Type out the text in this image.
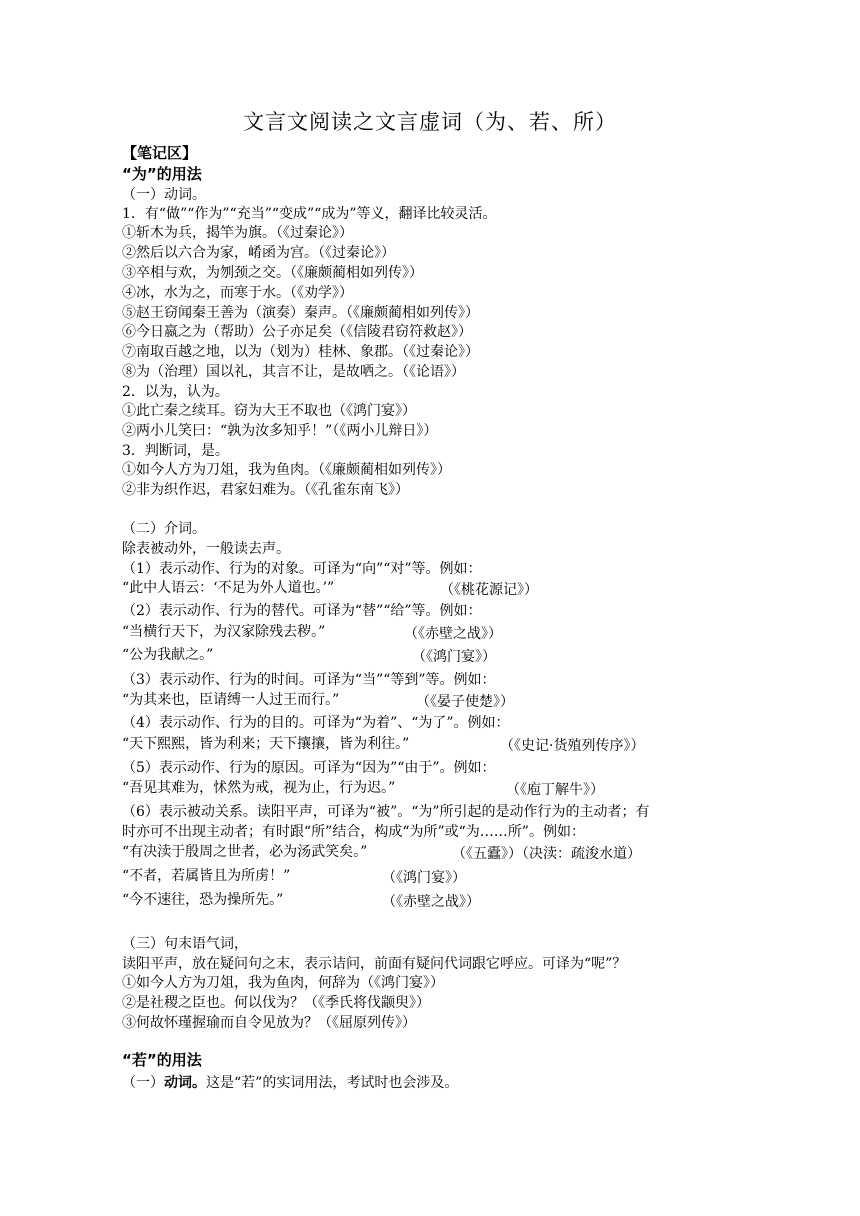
文言文阅读之文言虚词（为、若、所）
【笔记区】
“为”的用法
（一）动词。
1．有“做”“作为”“充当”“变成”“成为”等义，翻译比较灵活。
①斩木为兵，揭竿为旗。（《过秦论》）
②然后以六合为家，崤函为宫。（《过秦论》）
③卒相与欢，为刎颈之交。（《廉颇蔺相如列传》）
④冰，水为之，而寒于水。（《劝学》）
⑤赵王窃闻秦王善为（演奏）秦声。（《廉颇蔺相如列传》）
⑥今日嬴之为（帮助）公子亦足矣（《信陵君窃符救赵》）
⑦南取百越之地，以为（划为）桂林、象郡。（《过秦论》）
⑧为（治理）国以礼，其言不让，是故哂之。（《论语》）
2．以为，认为。
①此亡秦之续耳。窃为大王不取也（《鸿门宴》）
②两小儿笑曰：“孰为汝多知乎！”（《两小儿辩日》）
3．判断词，是。
①如今人方为刀俎，我为鱼肉。（《廉颇蔺相如列传》）
②非为织作迟，君家妇难为。（《孔雀东南飞》）
（二）介词。
除表被动外，一般读去声。
（1）表示动作、行为的对象。可译为“向”“对”等。例如：
“此中人语云：‘不足为外人道也。’”	（《桃花源记》）
（2）表示动作、行为的替代。可译为“替”“给”等。例如：
“当横行天下，为汉家除残去秽。”	（《赤壁之战》）
“公为我献之。”	（《鸿门宴》）
（3）表示动作、行为的时间。可译为“当”“等到”等。例如：
“为其来也，臣请缚一人过王而行。”	（《晏子使楚》）
（4）表示动作、行为的目的。可译为“为着”、“为了”。例如：
“天下熙熙，皆为利来；天下攘攘，皆为利往。”	（《史记·货殖列传序》）
（5）表示动作、行为的原因。可译为“因为”“由于”。例如：
“吾见其难为，怵然为戒，视为止，行为迟。”	（《庖丁解牛》）
（6）表示被动关系。读阳平声，可译为“被”。“为”所引起的是动作行为的主动者；有
时亦可不出现主动者；有时跟“所”结合，构成“为所”或“为……所”。例如：
“有决渎于殷周之世者，必为汤武笑矣。”	（《五蠹》）（决渎：疏浚水道）
“不者，若属皆且为所虏！”	（《鸿门宴》）
“今不速往，恐为操所先。”	（《赤壁之战》）
（三）句末语气词，
读阳平声，放在疑问句之末，表示诘问，前面有疑问代词跟它呼应。可译为“呢”？
①如今人方为刀俎，我为鱼肉，何辞为（《鸿门宴》）
②是社稷之臣也。何以伐为？（《季氏将伐颛臾》）
③何故怀瑾握瑜而自令见放为？（《屈原列传》）
“若”的用法
（一）动词。这是“若”的实词用法，考试时也会涉及。
